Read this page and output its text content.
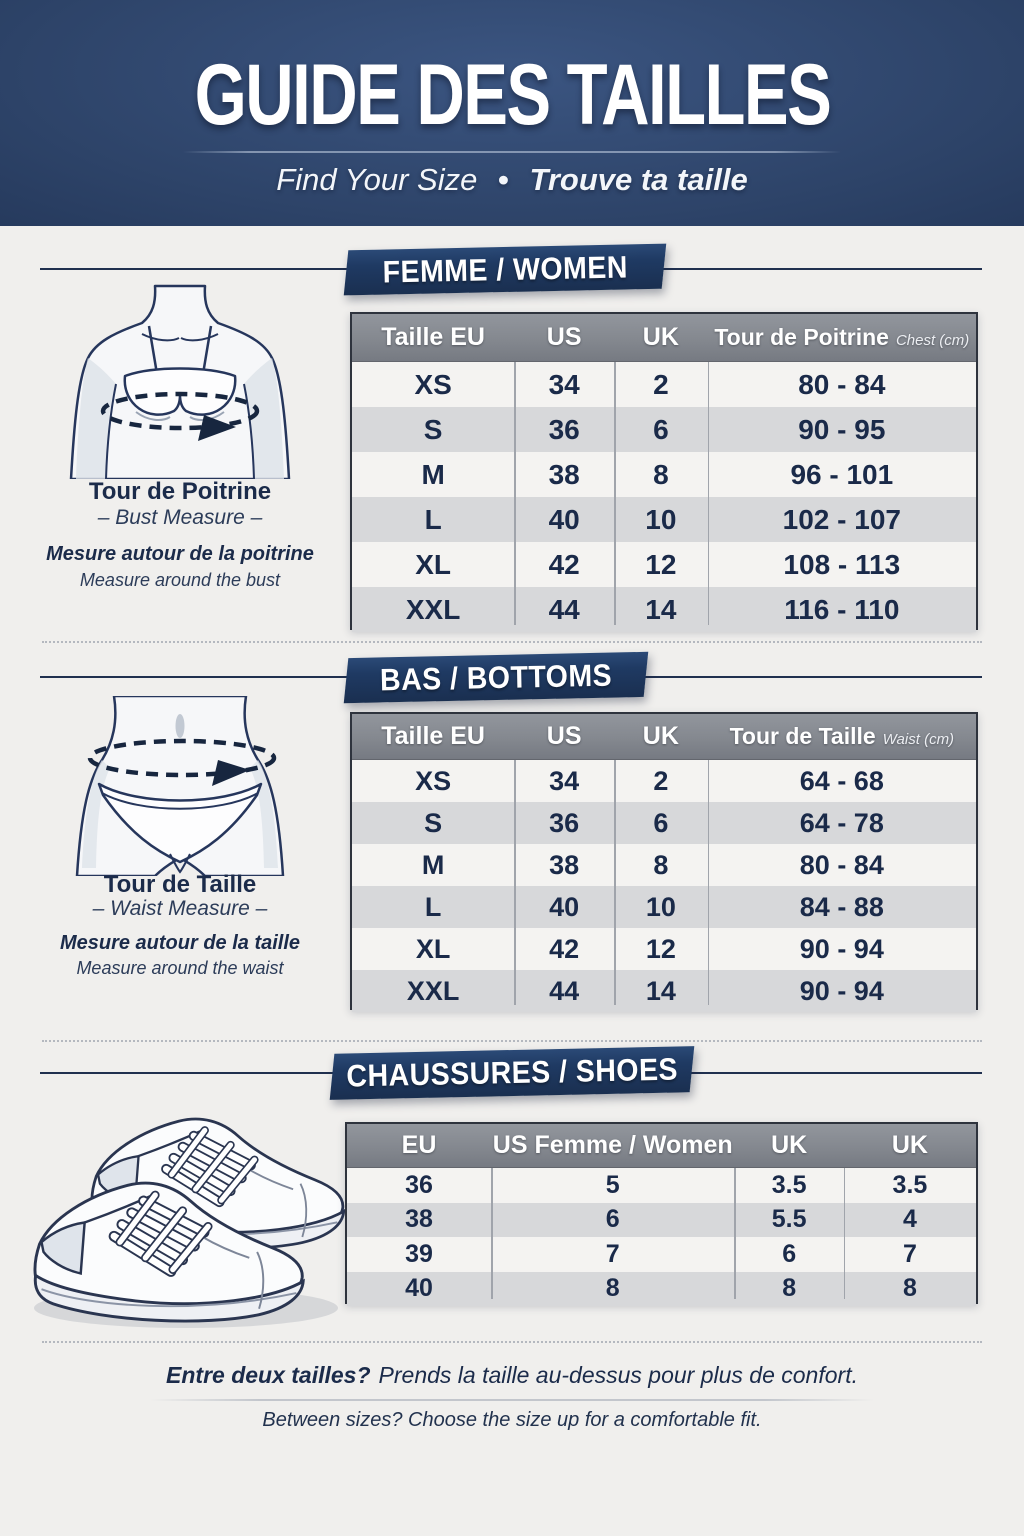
GUIDE DES TAILLES
Find Your Size • Trouve ta taille
FEMME / WOMEN
Tour de Poitrine
– Bust Measure –
Mesure autour de la poitrine
Measure around the bust
Taille EU	US	UK	Tour de Poitrine Chest (cm)
XS	34	2	80 - 84
S	36	6	90 - 95
M	38	8	96 - 101
L	40	10	102 - 107
XL	42	12	108 - 113
XXL	44	14	116 - 110
BAS / BOTTOMS
Tour de Taille
– Waist Measure –
Mesure autour de la taille
Measure around the waist
Taille EU	US	UK	Tour de Taille Waist (cm)
XS	34	2	64 - 68
S	36	6	64 - 78
M	38	8	80 - 84
L	40	10	84 - 88
XL	42	12	90 - 94
XXL	44	14	90 - 94
CHAUSSURES / SHOES
EU	US Femme / Women	UK	UK
36	5	3.5	3.5
38	6	5.5	4
39	7	6	7
40	8	8	8
Entre deux tailles? Prends la taille au-dessus pour plus de confort.
Between sizes? Choose the size up for a comfortable fit.
